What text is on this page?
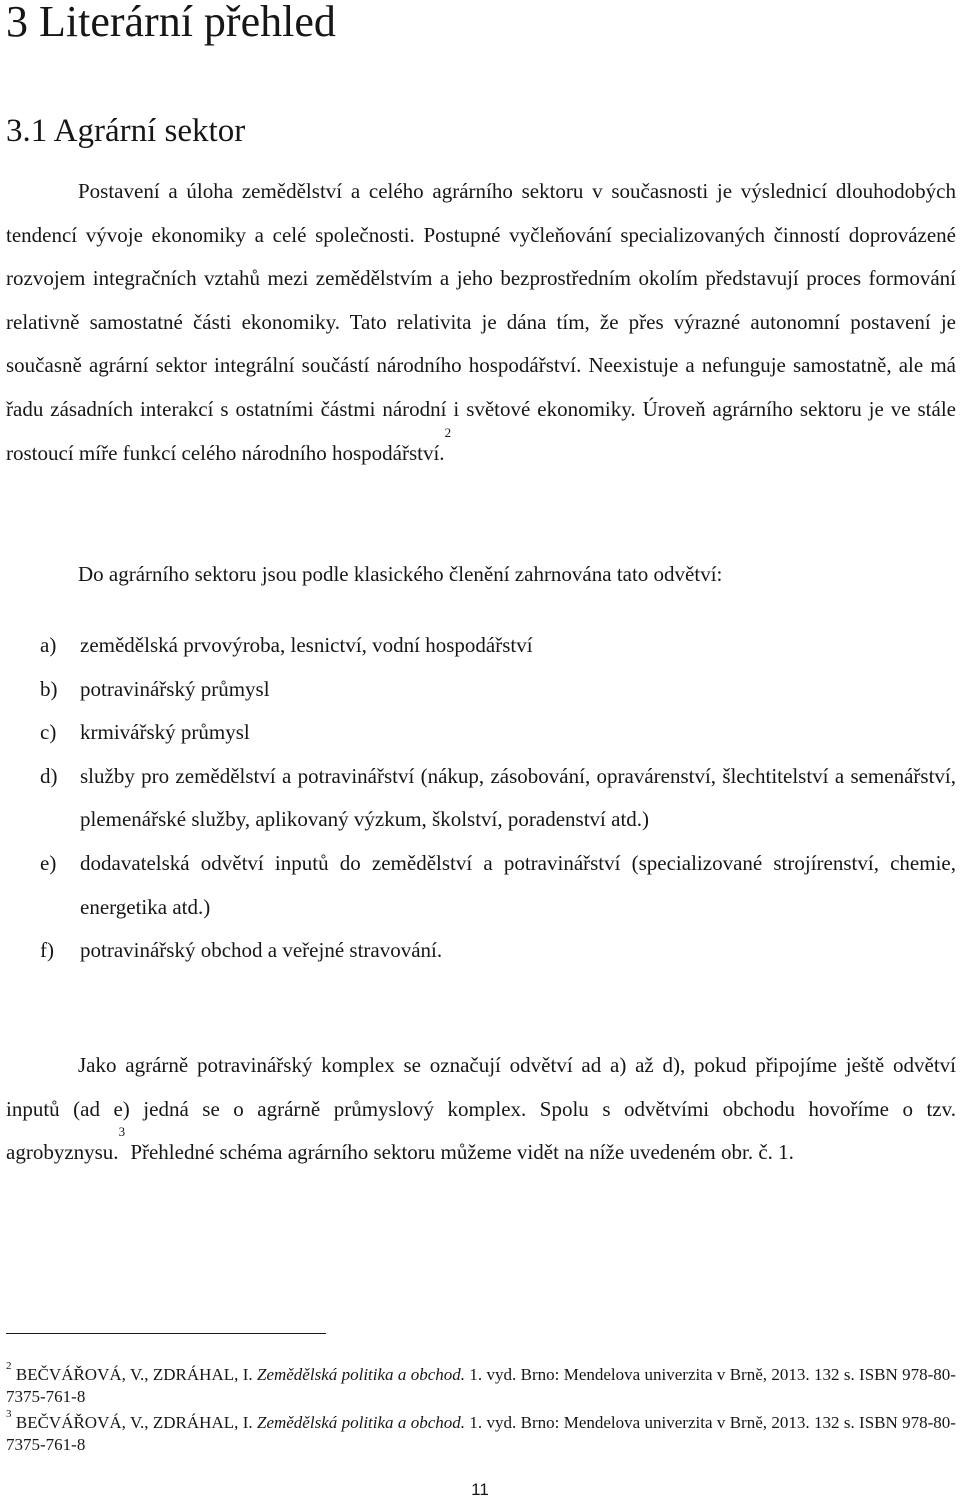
3 Literární přehled
3.1 Agrární sektor

Postavení a úloha zemědělství a celého agrárního sektoru v současnosti je výslednicí dlouhodobých tendencí vývoje ekonomiky a celé společnosti. Postupné vyčleňování specializovaných činností doprovázené rozvojem integračních vztahů mezi zemědělstvím a jeho bezprostředním okolím představují proces formování relativně samostatné části ekonomiky. Tato relativita je dána tím, že přes výrazné autonomní postavení je současně agrární sektor integrální součástí národního hospodářství. Neexistuje a nefunguje samostatně, ale má řadu zásadních interakcí s ostatními částmi národní i světové ekonomiky. Úroveň agrárního sektoru je ve stále rostoucí míře funkcí celého národního hospodářství.$^2$

Do agrárního sektoru jsou podle klasického členění zahrnována tato odvětví:

a) zemědělská prvovýroba, lesnictví, vodní hospodářství
b) potravinářský průmysl
c) krmivářský průmysl
d) služby pro zemědělství a potravinářství (nákup, zásobování, opravárenství, šlechtitelství a semenářství, plemenářské služby, aplikovaný výzkum, školství, poradenství atd.)
e) dodavatelská odvětví inputů do zemědělství a potravinářství (specializované strojírenství, chemie, energetika atd.)
f) potravinářský obchod a veřejné stravování.

Jako agrárně potravinářský komplex se označují odvětví ad a) až d), pokud připojíme ještě odvětví inputů (ad e) jedná se o agrárně průmyslový komplex. Spolu s odvětvími obchodu hovoříme o tzv. agrobyznysu.$^3$ Přehledné schéma agrárního sektoru můžeme vidět na níže uvedeném obr. č. 1.

$^2$ BEČVÁŘOVÁ, V., ZDRÁHAL, I. Zemědělská politika a obchod. 1. vyd. Brno: Mendelova univerzita v Brně, 2013. 132 s. ISBN 978-80-7375-761-8

$^3$ BEČVÁŘOVÁ, V., ZDRÁHAL, I. Zemědělská politika a obchod. 1. vyd. Brno: Mendelova univerzita v Brně, 2013. 132 s. ISBN 978-80-7375-761-8

11
